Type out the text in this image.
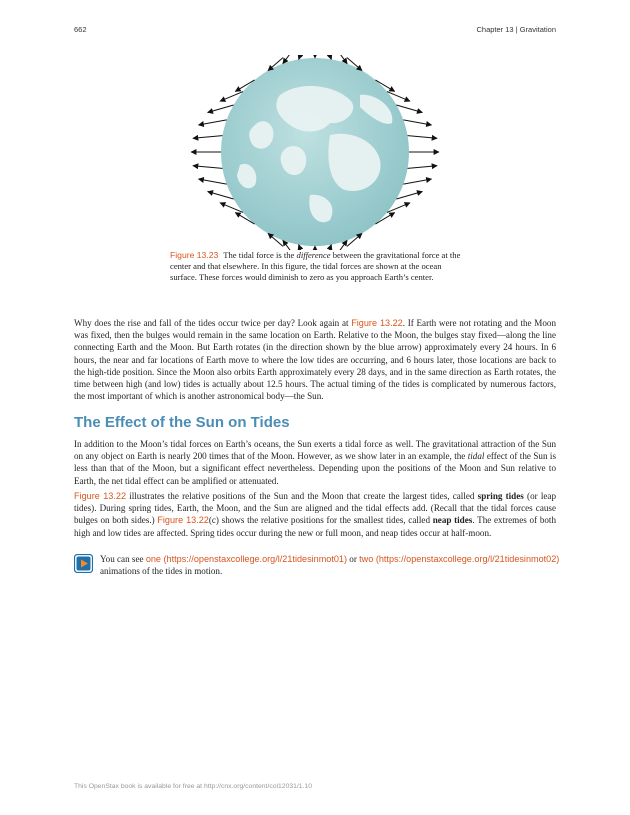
662	Chapter 13 | Gravitation
Figure 13.23 The tidal force is the difference between the gravitational force at the center and that elsewhere. In this figure, the tidal forces are shown at the ocean surface. These forces would diminish to zero as you approach Earth’s center.

Why does the rise and fall of the tides occur twice per day? Look again at Figure 13.22. If Earth were not rotating and the Moon was fixed, then the bulges would remain in the same location on Earth. Relative to the Moon, the bulges stay fixed—along the line connecting Earth and the Moon. But Earth rotates (in the direction shown by the blue arrow) approximately every 24 hours. In 6 hours, the near and far locations of Earth move to where the low tides are occurring, and 6 hours later, those locations are back to the high-tide position. Since the Moon also orbits Earth approximately every 28 days, and in the same direction as Earth rotates, the time between high (and low) tides is actually about 12.5 hours. The actual timing of the tides is complicated by numerous factors, the most important of which is another astronomical body—the Sun.

The Effect of the Sun on Tides

In addition to the Moon’s tidal forces on Earth’s oceans, the Sun exerts a tidal force as well. The gravitational attraction of the Sun on any object on Earth is nearly 200 times that of the Moon. However, as we show later in an example, the tidal effect of the Sun is less than that of the Moon, but a significant effect nevertheless. Depending upon the positions of the Moon and Sun relative to Earth, the net tidal effect can be amplified or attenuated.

Figure 13.22 illustrates the relative positions of the Sun and the Moon that create the largest tides, called spring tides (or leap tides). During spring tides, Earth, the Moon, and the Sun are aligned and the tidal effects add. (Recall that the tidal forces cause bulges on both sides.) Figure 13.22(c) shows the relative positions for the smallest tides, called neap tides. The extremes of both high and low tides are affected. Spring tides occur during the new or full moon, and neap tides occur at half-moon.

You can see one (https://openstaxcollege.org/l/21tidesinmot01) or two (https://openstaxcollege.org/l/21tidesinmot02) animations of the tides in motion.

This OpenStax book is available for free at http://cnx.org/content/col12031/1.10
